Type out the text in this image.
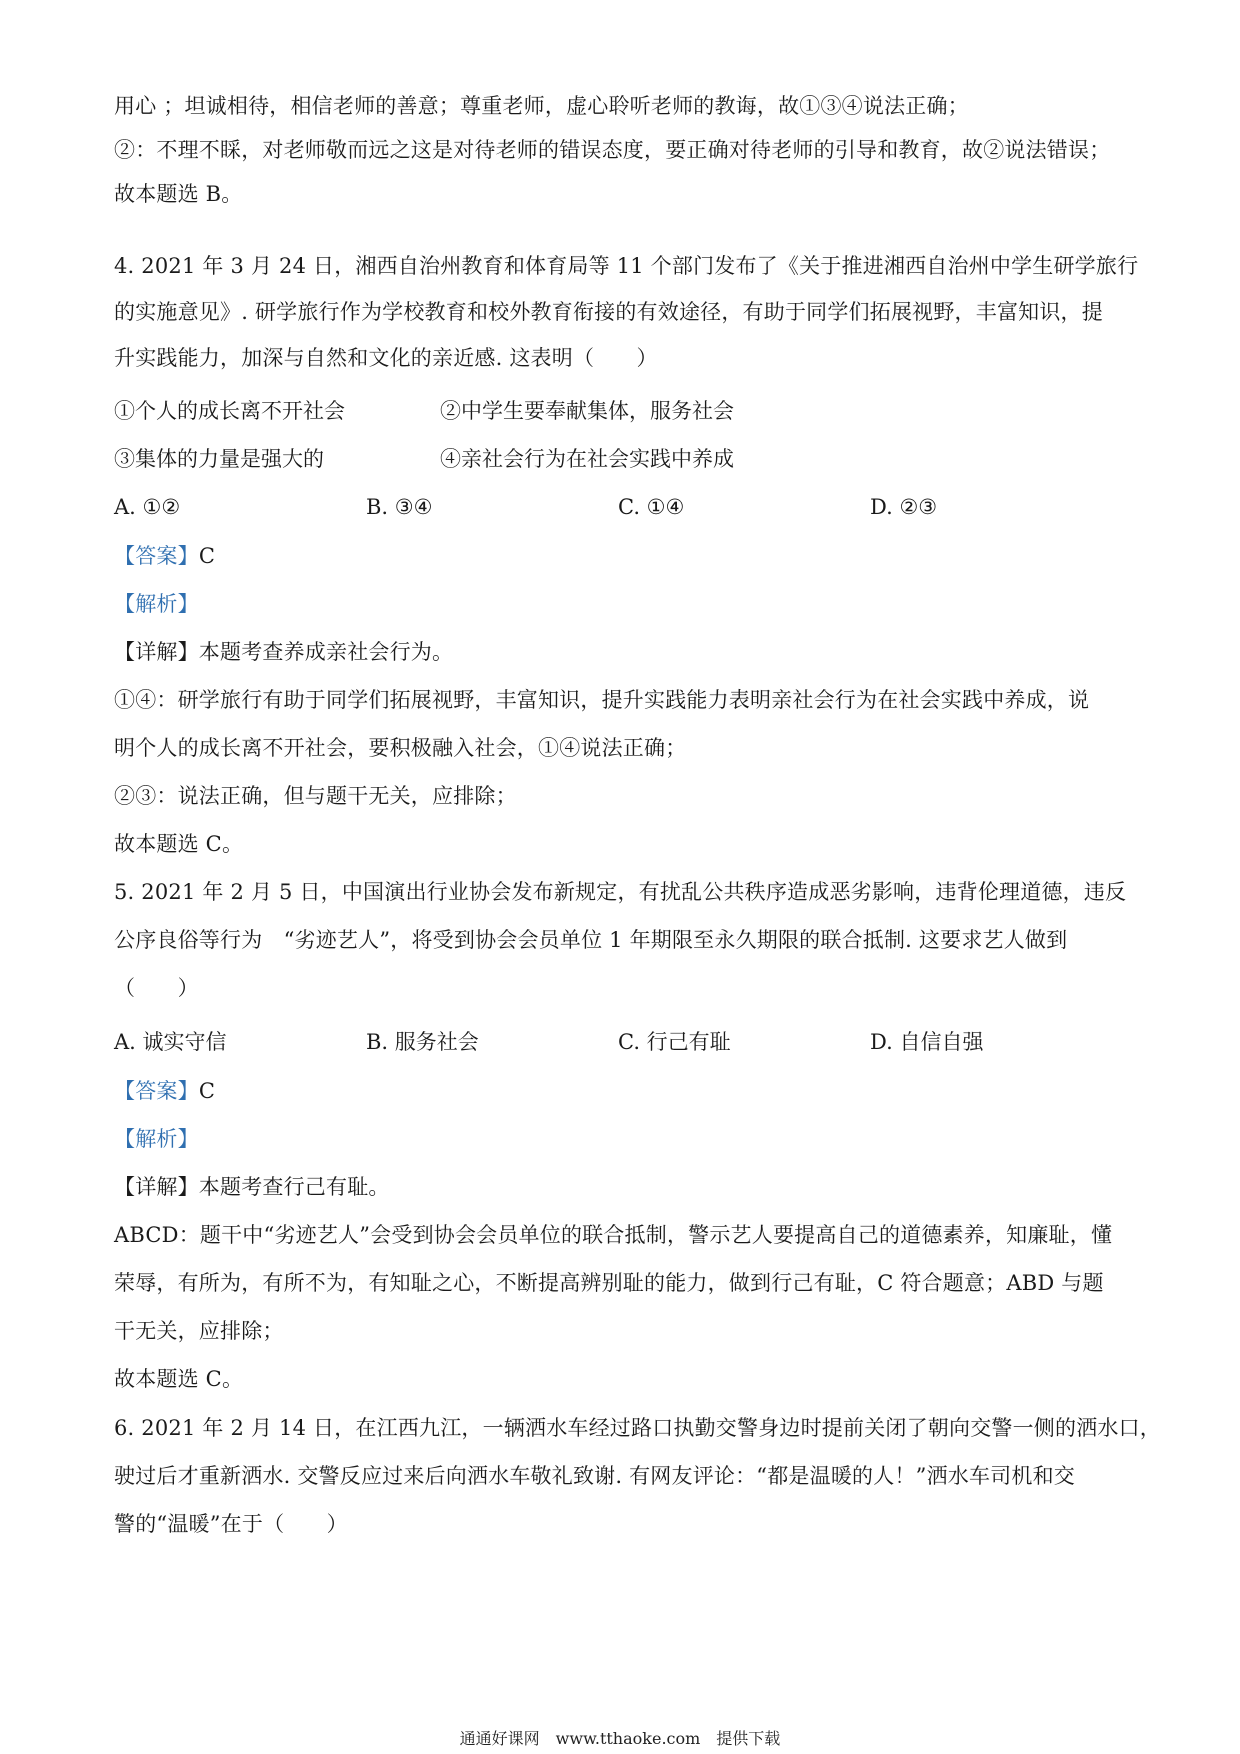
用心 ；坦诚相待，相信老师的善意；尊重老师，虚心聆听老师的教诲，故①③④说法正确；
②：不理不睬，对老师敬而远之这是对待老师的错误态度，要正确对待老师的引导和教育，故②说法错误；
故本题选 B。
4. 2021 年 3 月 24 日，湘西自治州教育和体育局等 11 个部门发布了《关于推进湘西自治州中学生研学旅行
的实施意见》. 研学旅行作为学校教育和校外教育衔接的有效途径，有助于同学们拓展视野，丰富知识，提
升实践能力，加深与自然和文化的亲近感. 这表明（　　）
①个人的成长离不开社会	②中学生要奉献集体，服务社会
③集体的力量是强大的	④亲社会行为在社会实践中养成
A. ①②	B. ③④	C. ①④	D. ②③
【答案】C
【解析】
【详解】本题考查养成亲社会行为。
①④：研学旅行有助于同学们拓展视野，丰富知识，提升实践能力表明亲社会行为在社会实践中养成，说
明个人的成长离不开社会，要积极融入社会，①④说法正确；
②③：说法正确，但与题干无关，应排除；
故本题选 C。
5. 2021 年 2 月 5 日，中国演出行业协会发布新规定，有扰乱公共秩序造成恶劣影响，违背伦理道德，违反
公序良俗等行为　“劣迹艺人”，将受到协会会员单位 1 年期限至永久期限的联合抵制. 这要求艺人做到
（　　）
A. 诚实守信	B. 服务社会	C. 行己有耻	D. 自信自强
【答案】C
【解析】
【详解】本题考查行己有耻。
ABCD：题干中“劣迹艺人”会受到协会会员单位的联合抵制，警示艺人要提高自己的道德素养，知廉耻，懂
荣辱，有所为，有所不为，有知耻之心，不断提高辨别耻的能力，做到行己有耻，C 符合题意；ABD 与题
干无关，应排除；
故本题选 C。
6. 2021 年 2 月 14 日，在江西九江，一辆洒水车经过路口执勤交警身边时提前关闭了朝向交警一侧的洒水口，
驶过后才重新洒水. 交警反应过来后向洒水车敬礼致谢. 有网友评论：“都是温暖的人！”洒水车司机和交
警的“温暖”在于（　　）
通通好课网　www.tthaoke.com　提供下载
